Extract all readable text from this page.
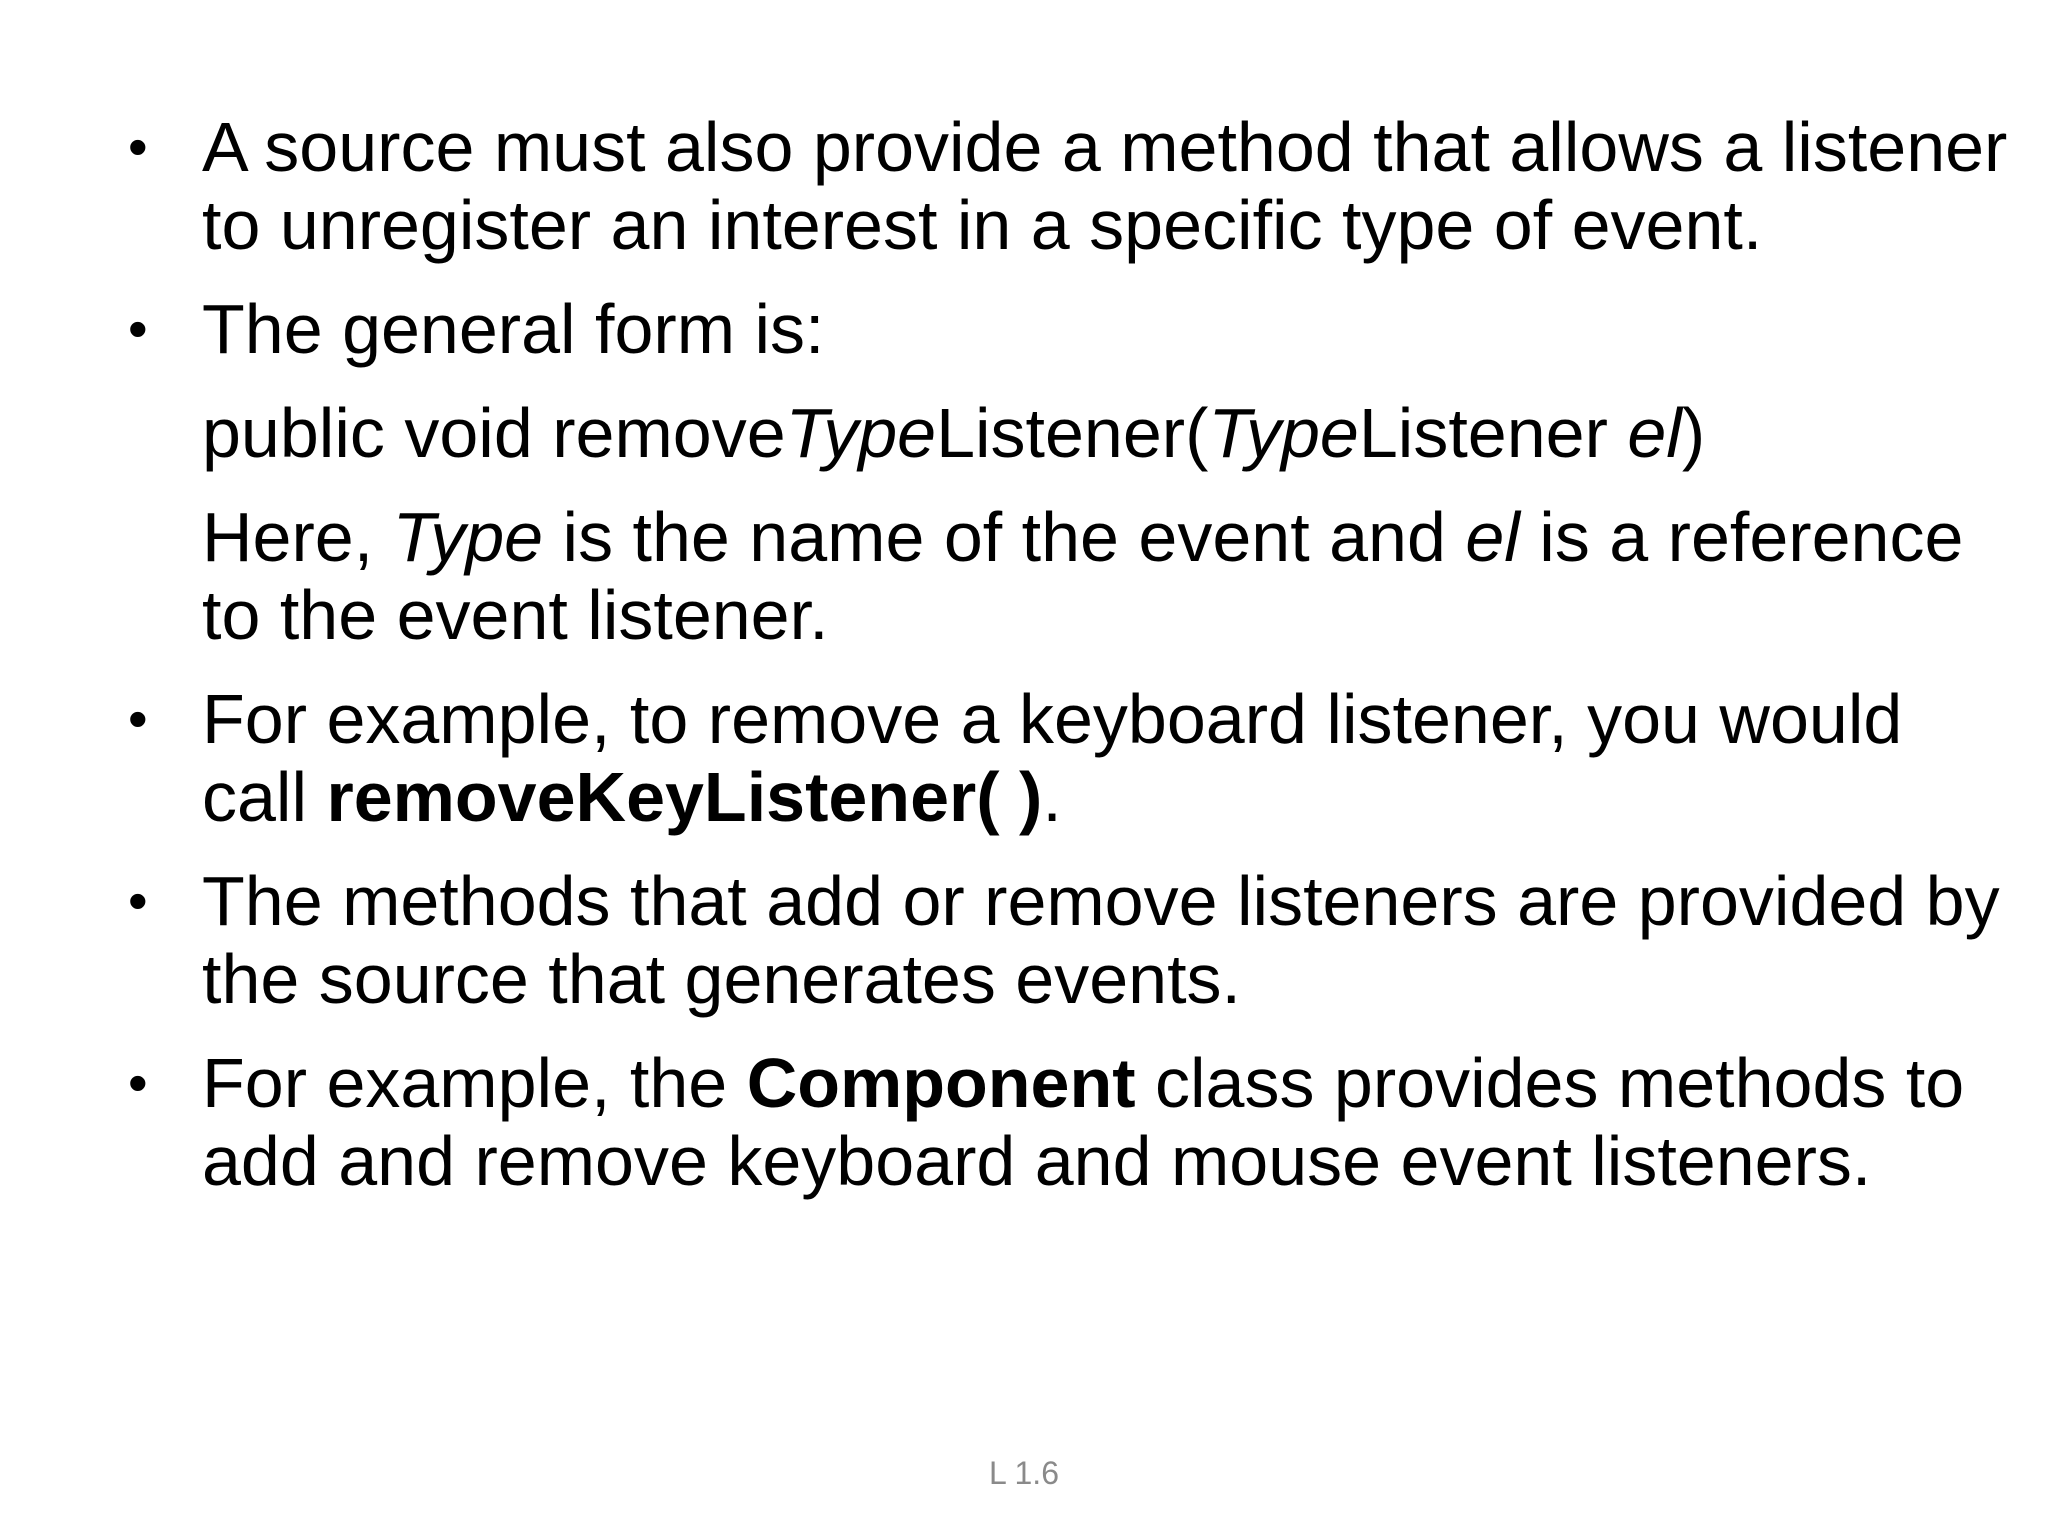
• A source must also provide a method that allows a listener to unregister an interest in a specific type of event.
• The general form is:
public void removeTypeListener(TypeListener el)
Here, Type is the name of the event and el is a reference to the event listener.
• For example, to remove a keyboard listener, you would call removeKeyListener( ).
• The methods that add or remove listeners are provided by the source that generates events.
• For example, the Component class provides methods to add and remove keyboard and mouse event listeners.
L 1.6
